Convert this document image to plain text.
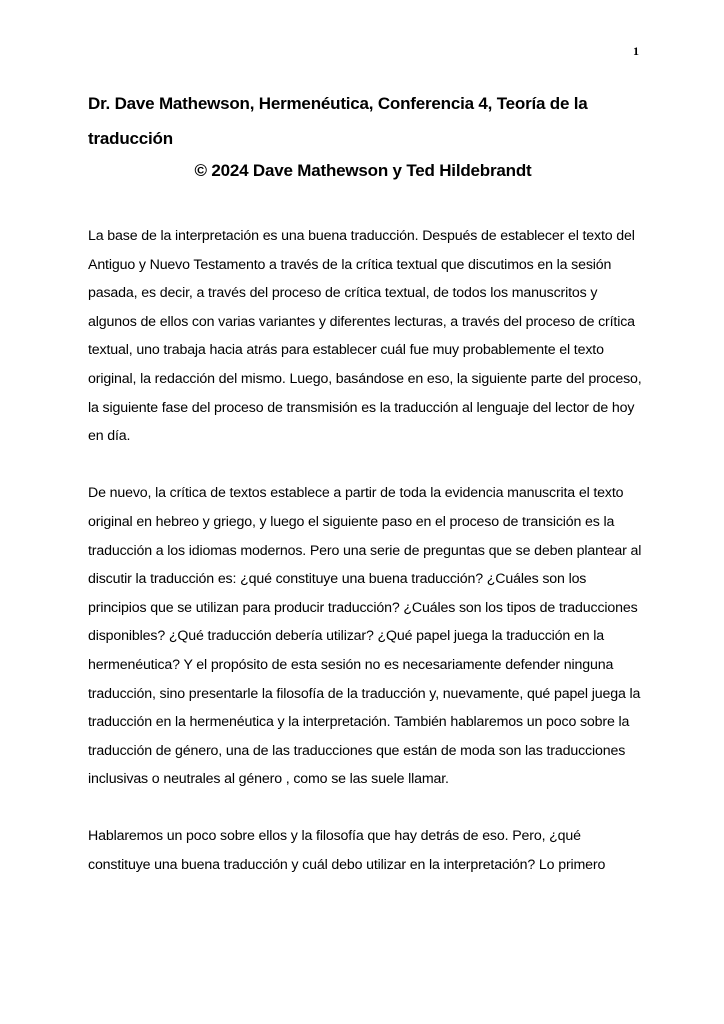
1
Dr. Dave Mathewson, Hermenéutica, Conferencia 4, Teoría de la traducción
© 2024 Dave Mathewson y Ted Hildebrandt

La base de la interpretación es una buena traducción. Después de establecer el texto del Antiguo y Nuevo Testamento a través de la crítica textual que discutimos en la sesión pasada, es decir, a través del proceso de crítica textual, de todos los manuscritos y algunos de ellos con varias variantes y diferentes lecturas, a través del proceso de crítica textual, uno trabaja hacia atrás para establecer cuál fue muy probablemente el texto original, la redacción del mismo. Luego, basándose en eso, la siguiente parte del proceso, la siguiente fase del proceso de transmisión es la traducción al lenguaje del lector de hoy en día.

De nuevo, la crítica de textos establece a partir de toda la evidencia manuscrita el texto original en hebreo y griego, y luego el siguiente paso en el proceso de transición es la traducción a los idiomas modernos. Pero una serie de preguntas que se deben plantear al discutir la traducción es: ¿qué constituye una buena traducción? ¿Cuáles son los principios que se utilizan para producir traducción? ¿Cuáles son los tipos de traducciones disponibles? ¿Qué traducción debería utilizar? ¿Qué papel juega la traducción en la hermenéutica? Y el propósito de esta sesión no es necesariamente defender ninguna traducción, sino presentarle la filosofía de la traducción y, nuevamente, qué papel juega la traducción en la hermenéutica y la interpretación. También hablaremos un poco sobre la traducción de género, una de las traducciones que están de moda son las traducciones inclusivas o neutrales al género , como se las suele llamar.

Hablaremos un poco sobre ellos y la filosofía que hay detrás de eso. Pero, ¿qué constituye una buena traducción y cuál debo utilizar en la interpretación? Lo primero
